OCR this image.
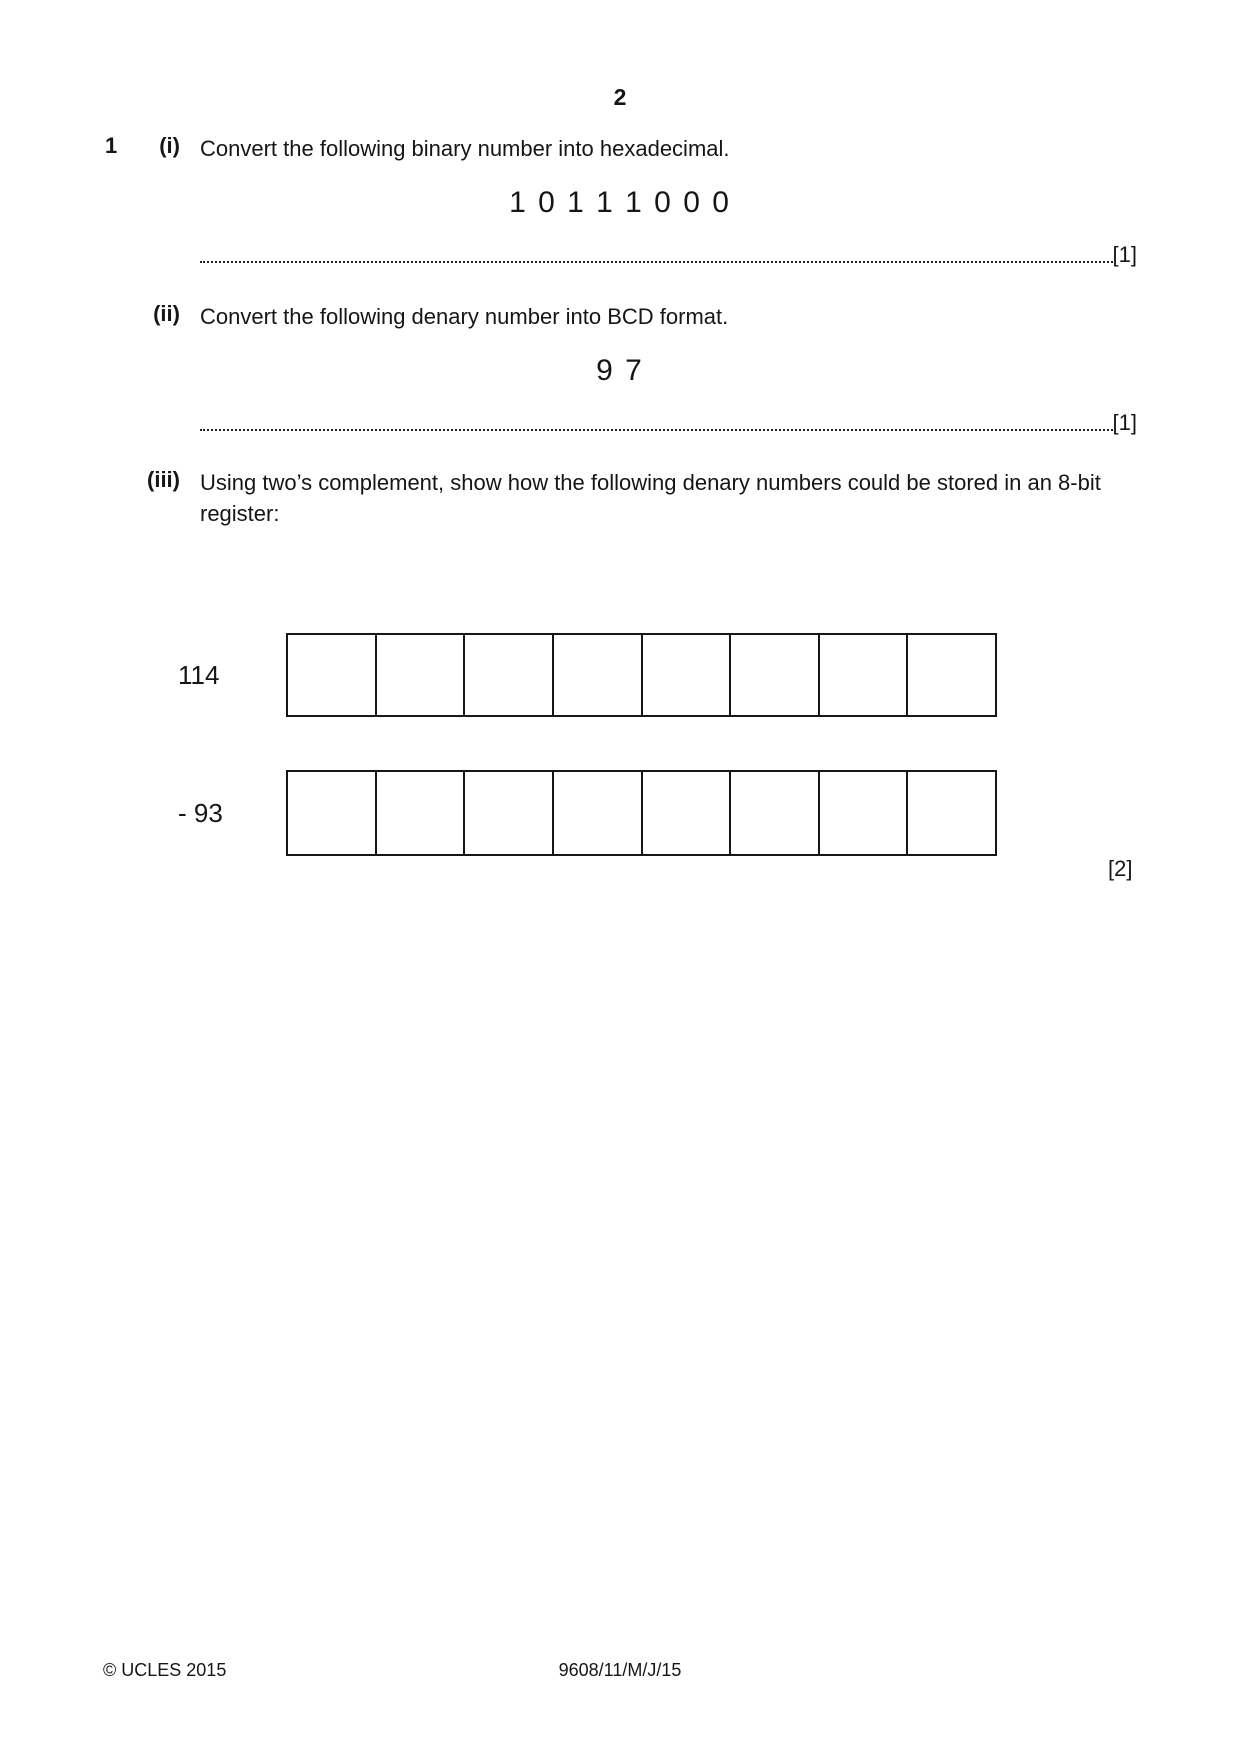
2
1	(i) Convert the following binary number into hexadecimal.
1 0 1 1 1 0 0 0
[1]
(ii) Convert the following denary number into BCD format.
9 7
[1]
(iii) Using two’s complement, show how the following denary numbers could be stored in an 8-bit
register:
114
- 93
[2]
© UCLES 2015	9608/11/M/J/15
